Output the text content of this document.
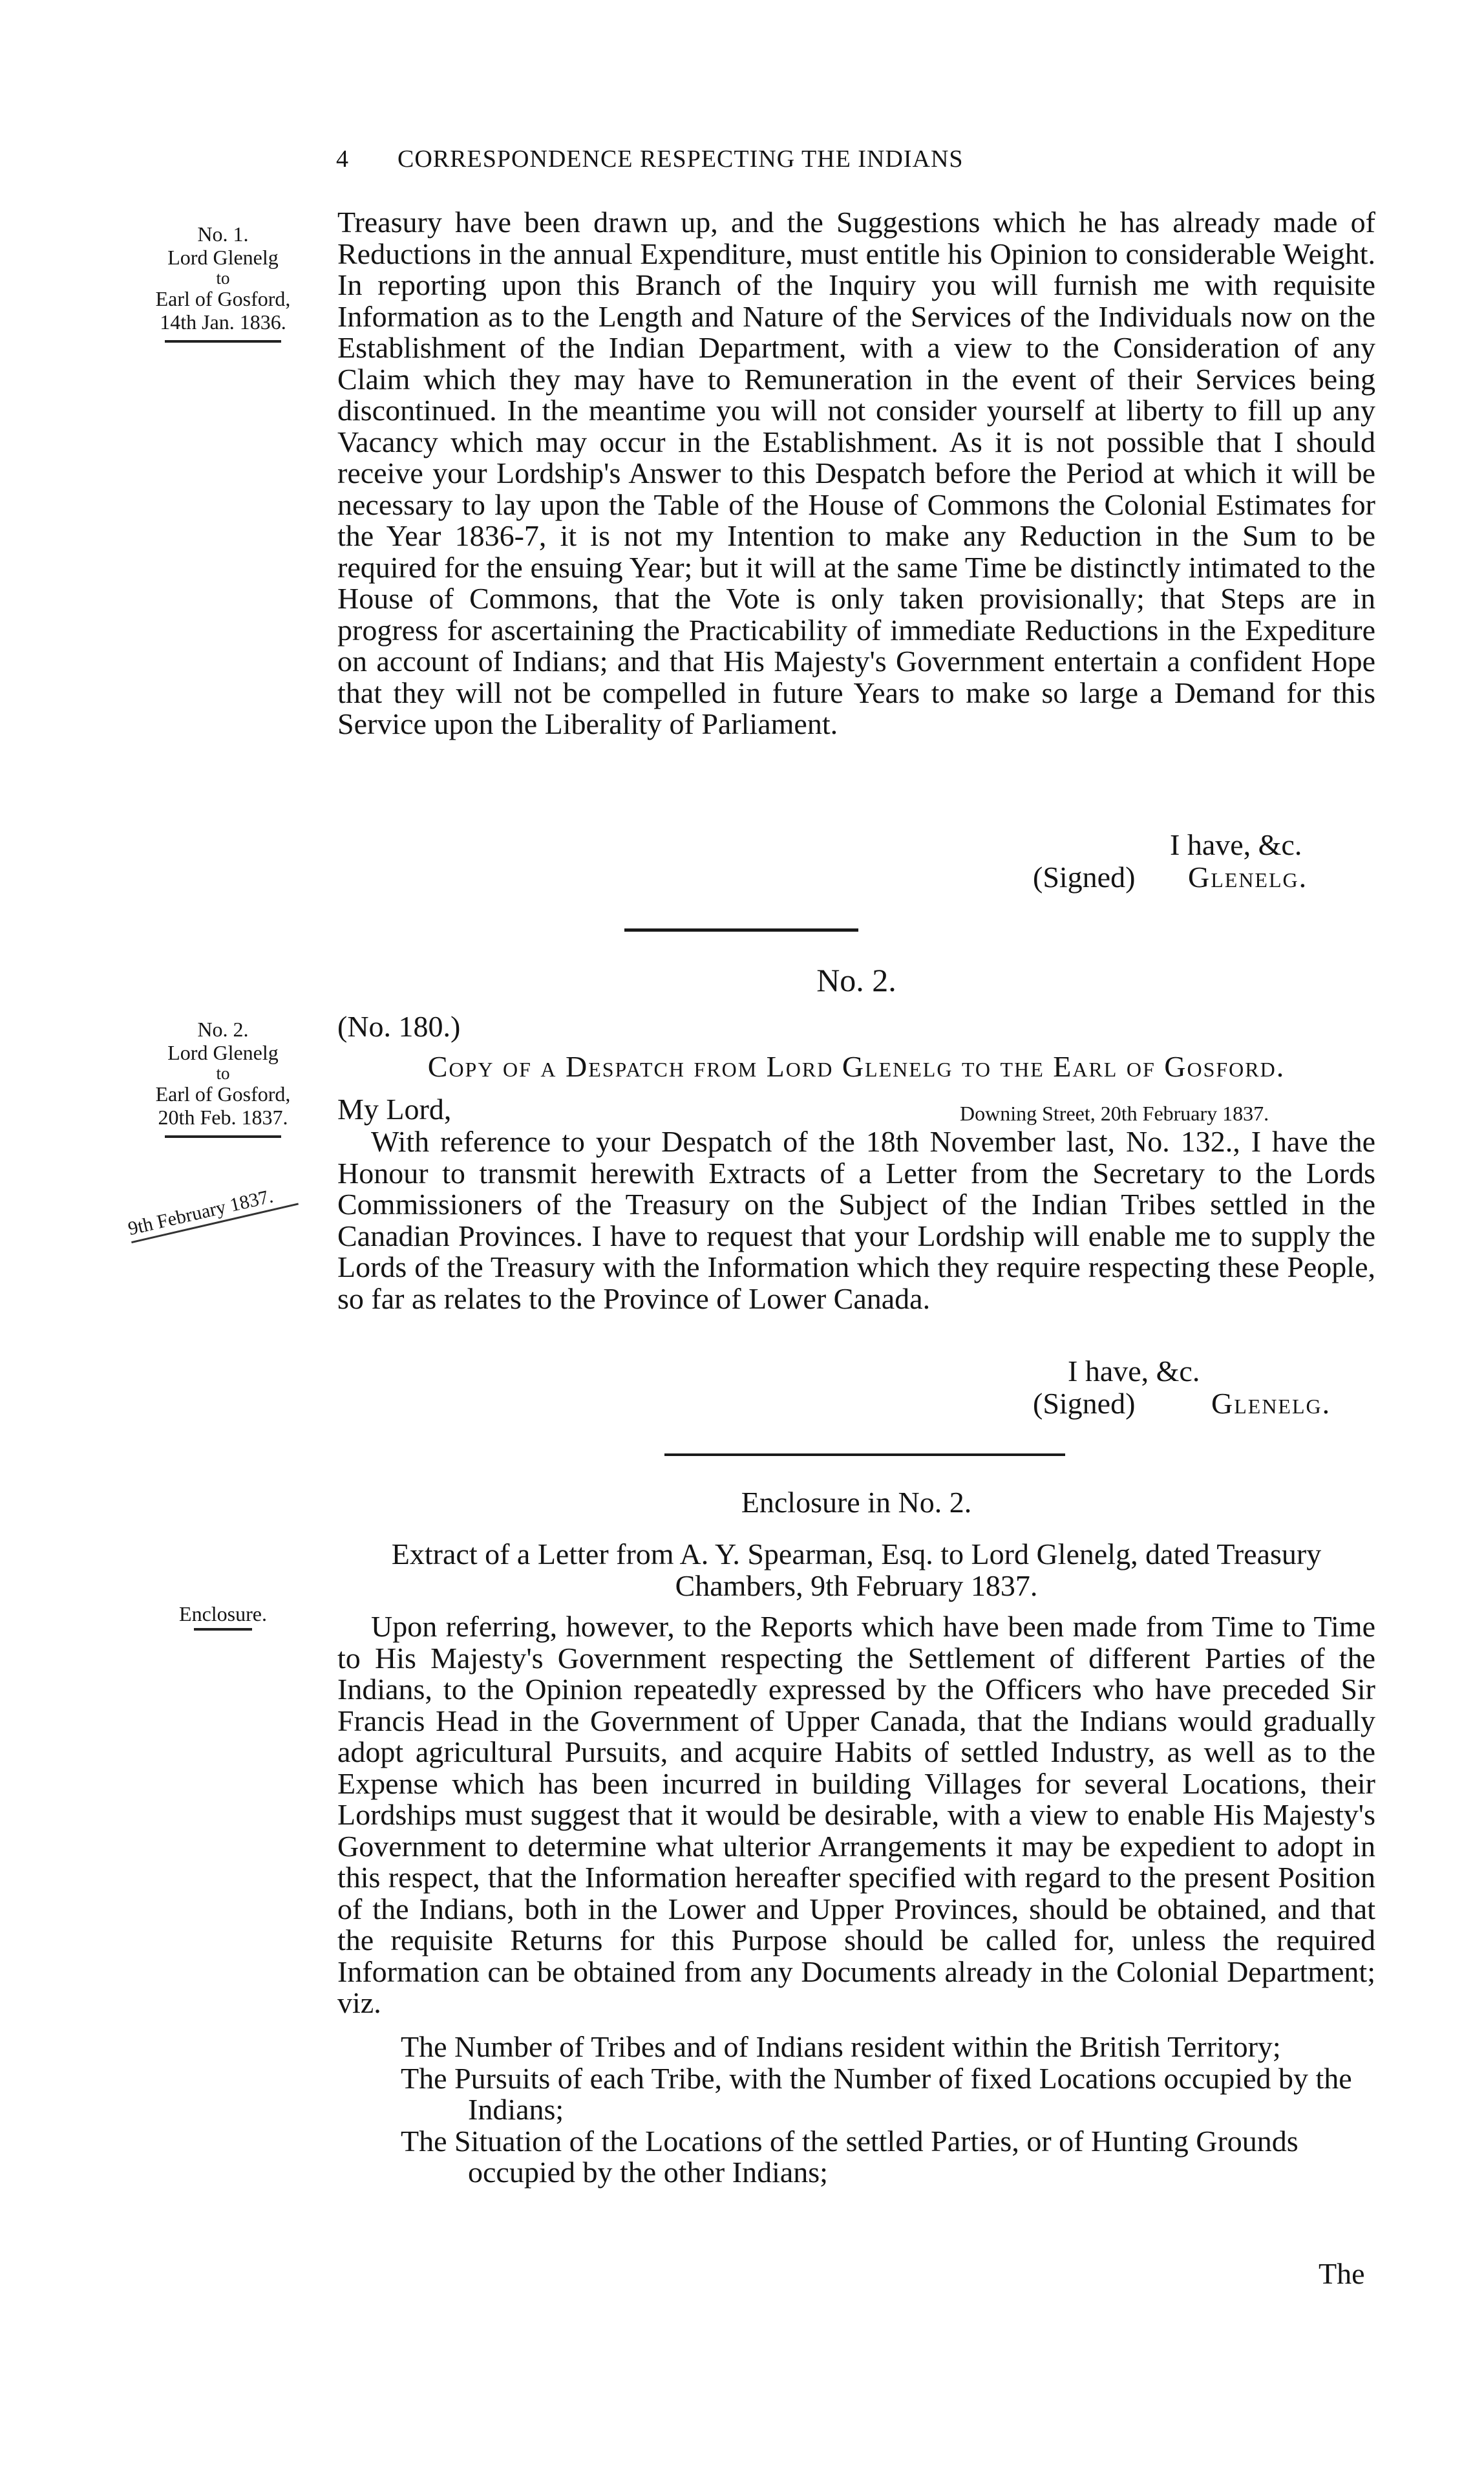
4 CORRESPONDENCE RESPECTING THE INDIANS
No. 1.
Lord Glenelg
to
Earl of Gosford,
14th Jan. 1836.

Treasury have been drawn up, and the Suggestions which he has already made of Reductions in the annual Expenditure, must entitle his Opinion to considerable Weight. In reporting upon this Branch of the Inquiry you will furnish me with requisite Information as to the Length and Nature of the Services of the Individuals now on the Establishment of the Indian Department, with a view to the Consideration of any Claim which they may have to Remuneration in the event of their Services being discontinued. In the meantime you will not consider yourself at liberty to fill up any Vacancy which may occur in the Establishment. As it is not possible that I should receive your Lordship's Answer to this Despatch before the Period at which it will be necessary to lay upon the Table of the House of Commons the Colonial Estimates for the Year 1836-7, it is not my Intention to make any Reduction in the Sum to be required for the ensuing Year; but it will at the same Time be distinctly intimated to the House of Commons, that the Vote is only taken provisionally; that Steps are in progress for ascertaining the Practicability of immediate Reductions in the Expediture on account of Indians; and that His Majesty's Government entertain a confident Hope that they will not be compelled in future Years to make so large a Demand for this Service upon the Liberality of Parliament.

I have, &c.
(Signed) Glenelg.
No. 2.
No. 2.
Lord Glenelg
to
Earl of Gosford,
20th Feb. 1837.
9th February 1837.
(No. 180.)
Copy of a Despatch from Lord Glenelg to the Earl of Gosford.
My Lord,	Downing Street, 20th February 1837.

With reference to your Despatch of the 18th November last, No. 132., I have the Honour to transmit herewith Extracts of a Letter from the Secretary to the Lords Commissioners of the Treasury on the Subject of the Indian Tribes settled in the Canadian Provinces. I have to request that your Lordship will enable me to supply the Lords of the Treasury with the Information which they require respecting these People, so far as relates to the Province of Lower Canada.

I have, &c.
(Signed)	Glenelg.
Enclosure in No. 2.
Extract of a Letter from A. Y. Spearman, Esq. to Lord Glenelg, dated Treasury Chambers, 9th February 1837.
Enclosure.	Upon referring, however, to the Reports which have been made from Time to Time to His Majesty's Government respecting the Settlement of different Parties of the Indians, to the Opinion repeatedly expressed by the Officers who have preceded Sir Francis Head in the Government of Upper Canada, that the Indians would gradually adopt agricultural Pursuits, and acquire Habits of settled Industry, as well as to the Expense which has been incurred in building Villages for several Locations, their Lordships must suggest that it would be desirable, with a view to enable His Majesty's Government to determine what ulterior Arrangements it may be expedient to adopt in this respect, that the Information hereafter specified with regard to the present Position of the Indians, both in the Lower and Upper Provinces, should be obtained, and that the requisite Returns for this Purpose should be called for, unless the required Information can be obtained from any Documents already in the Colonial Department; viz.

The Number of Tribes and of Indians resident within the British Territory;

The Pursuits of each Tribe, with the Number of fixed Locations occupied by the Indians;

The Situation of the Locations of the settled Parties, or of Hunting Grounds occupied by the other Indians;

The
